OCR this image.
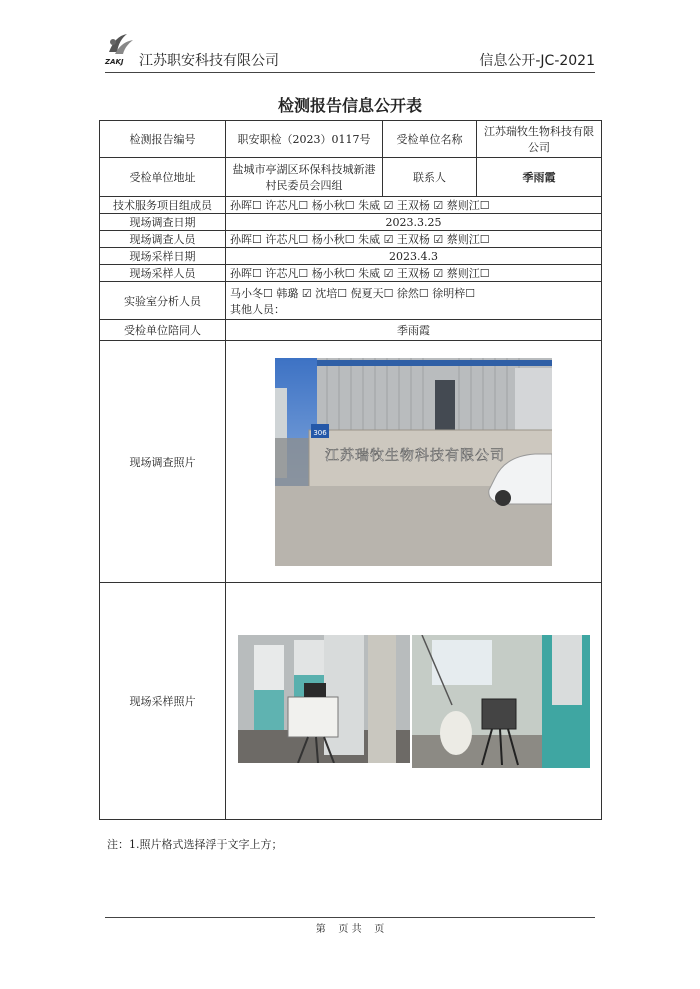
ZAKJ 江苏职安科技有限公司	信息公开-JC-2021
检测报告信息公开表
检测报告编号	职安职检（2023）0117号	受检单位名称	江苏瑞牧生物科技有限公司
受检单位地址	盐城市亭湖区环保科技城新港村民委员会四组	联系人	季雨霞
技术服务项目组成员	孙晖☐ 许芯凡☐ 杨小秋☐ 朱威 ☑ 王双杨 ☑ 蔡则江☐		
现场调查日期	2023.3.25		
现场调查人员	孙晖☐ 许芯凡☐ 杨小秋☐ 朱威 ☑ 王双杨 ☑ 蔡则江☐		
现场采样日期	2023.4.3		
现场采样人员	孙晖☐ 许芯凡☐ 杨小秋☐ 朱威 ☑ 王双杨 ☑ 蔡则江☐		
实验室分析人员	马小冬☐ 韩璐 ☑ 沈培☐ 倪夏天☐ 徐然☐ 徐明梓☐
其他人员：		

受检单位陪同人	季雨霞		
现场调查照片	306
江苏瑞牧生物科技有限公司		

现场采样照片	
注：1.照片格式选择浮于文字上方；
第    页 共    页
